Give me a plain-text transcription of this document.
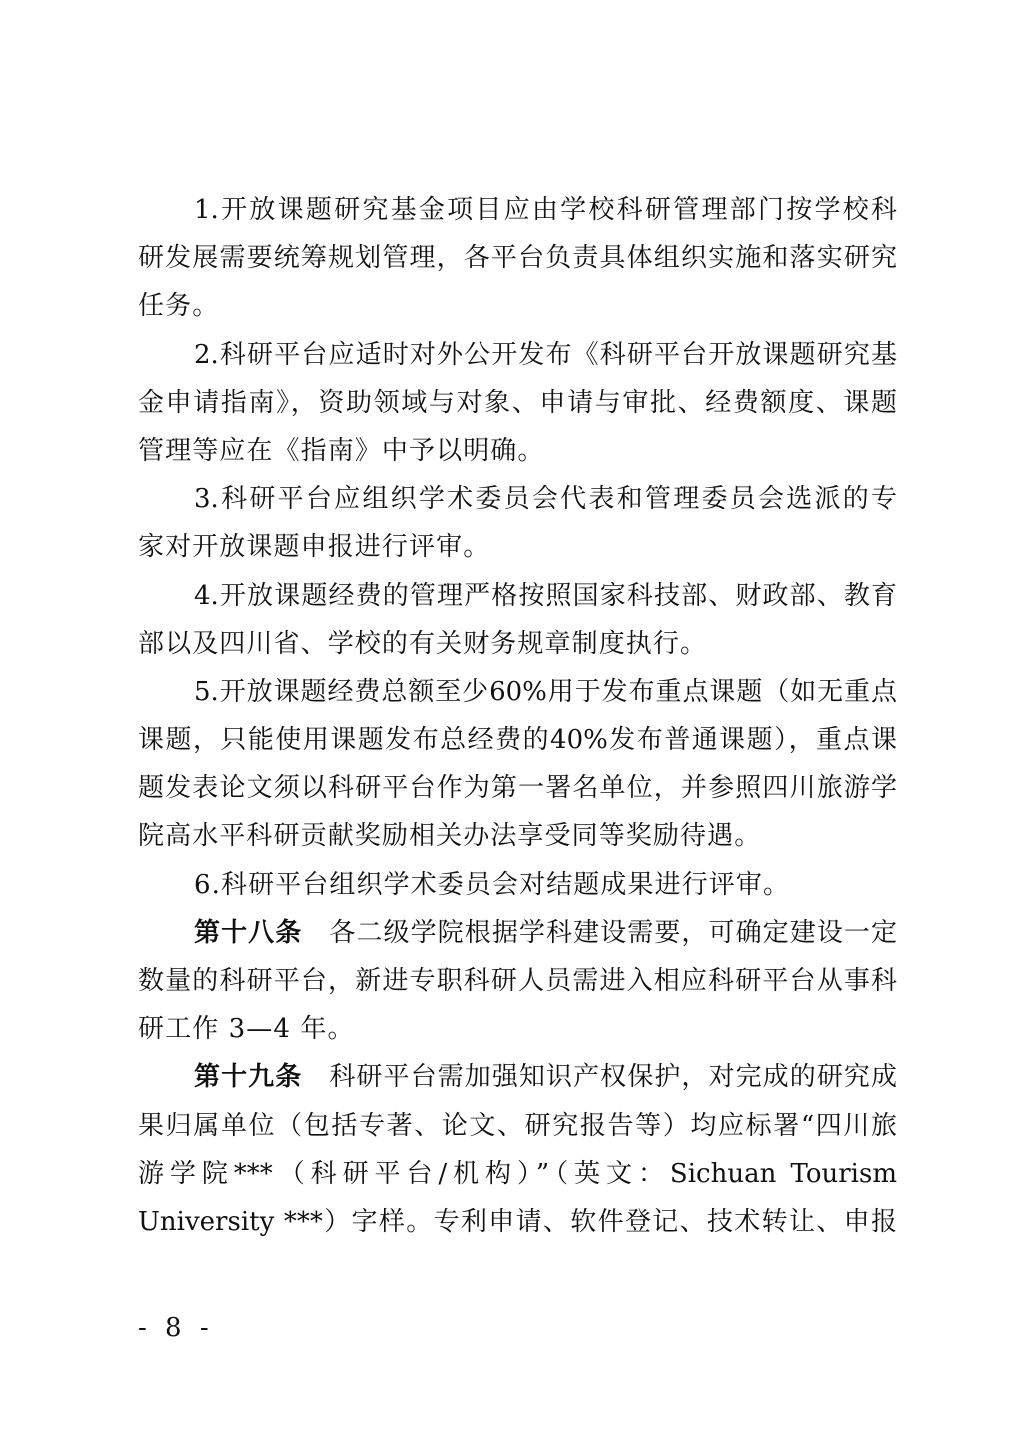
1.开放课题研究基金项目应由学校科研管理部门按学校科
研发展需要统筹规划管理，各平台负责具体组织实施和落实研究
任务。
2.科研平台应适时对外公开发布《科研平台开放课题研究基
金申请指南》，资助领域与对象、申请与审批、经费额度、课题
管理等应在《指南》中予以明确。
3.科研平台应组织学术委员会代表和管理委员会选派的专
家对开放课题申报进行评审。
4.开放课题经费的管理严格按照国家科技部、财政部、教育
部以及四川省、学校的有关财务规章制度执行。
5.开放课题经费总额至少60%用于发布重点课题（如无重点
课题，只能使用课题发布总经费的40%发布普通课题），重点课
题发表论文须以科研平台作为第一署名单位，并参照四川旅游学
院高水平科研贡献奖励相关办法享受同等奖励待遇。
6.科研平台组织学术委员会对结题成果进行评审。
第十八条 各二级学院根据学科建设需要，可确定建设一定
数量的科研平台，新进专职科研人员需进入相应科研平台从事科
研工作 3—4 年。
第十九条 科研平台需加强知识产权保护，对完成的研究成
果归属单位（包括专著、论文、研究报告等）均应标署“四川旅
游学院***（科研平台/机构）”（英文：Sichuan Tourism
University ***）字样。专利申请、软件登记、技术转让、申报
- 8 -
